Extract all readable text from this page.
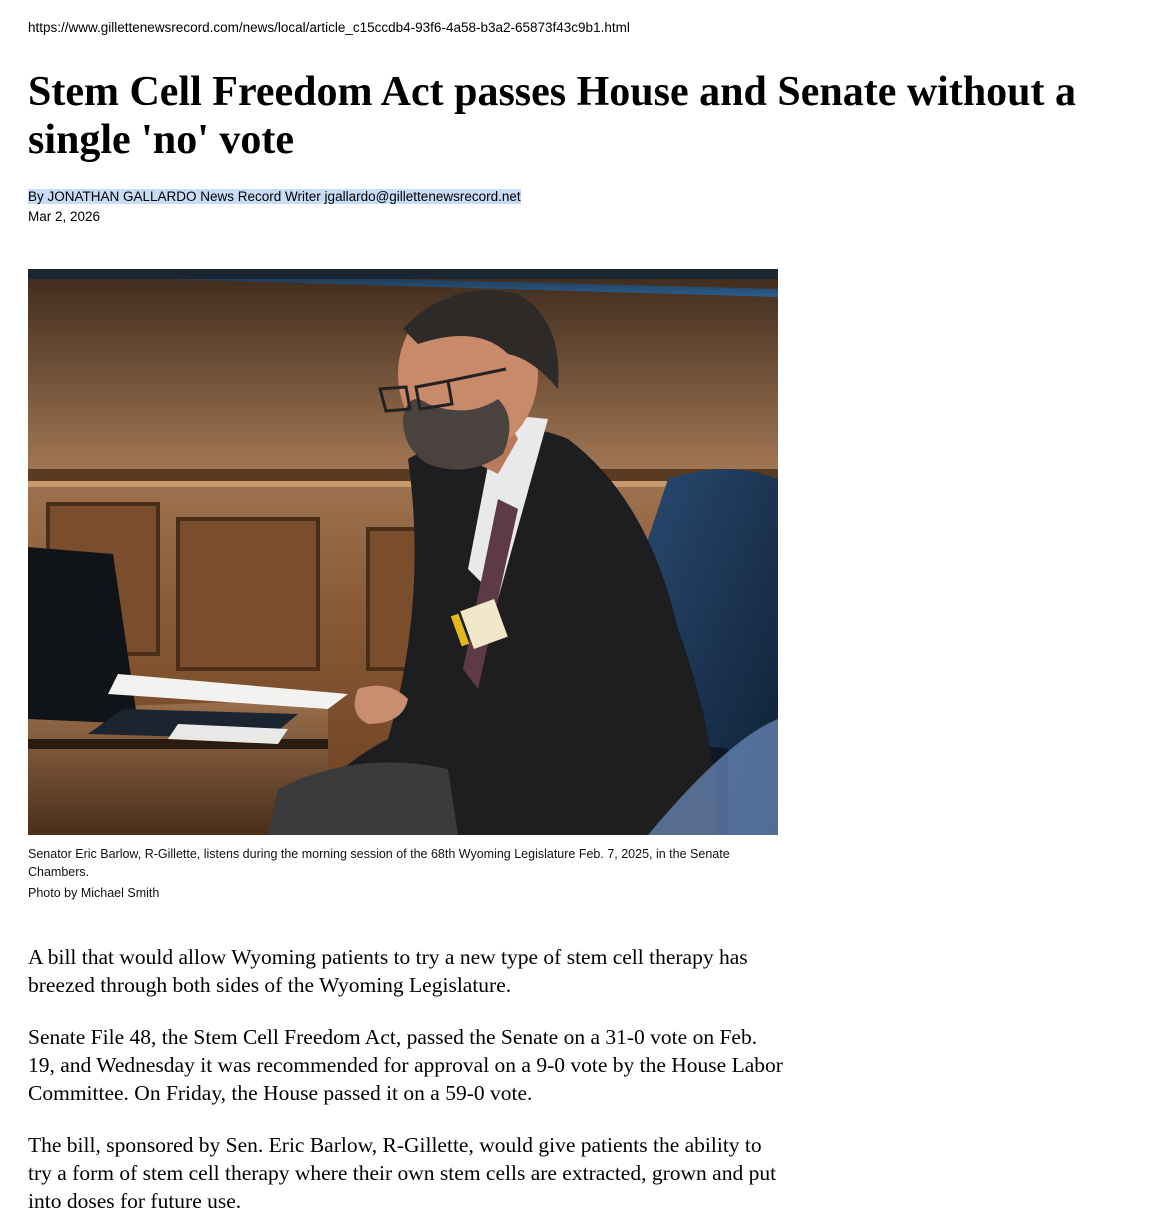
https://www.gillettenewsrecord.com/news/local/article_c15ccdb4-93f6-4a58-b3a2-65873f43c9b1.html
Stem Cell Freedom Act passes House and Senate without a single 'no' vote
By JONATHAN GALLARDO News Record Writer jgallardo@gillettenewsrecord.net
Mar 2, 2026
Senator Eric Barlow, R-Gillette, listens during the morning session of the 68th Wyoming Legislature Feb. 7, 2025, in the Senate Chambers.
Photo by Michael Smith

A bill that would allow Wyoming patients to try a new type of stem cell therapy has breezed through both sides of the Wyoming Legislature.

Senate File 48, the Stem Cell Freedom Act, passed the Senate on a 31-0 vote on Feb. 19, and Wednesday it was recommended for approval on a 9-0 vote by the House Labor Committee. On Friday, the House passed it on a 59-0 vote.

The bill, sponsored by Sen. Eric Barlow, R-Gillette, would give patients the ability to try a form of stem cell therapy where their own stem cells are extracted, grown and put into doses for future use.
